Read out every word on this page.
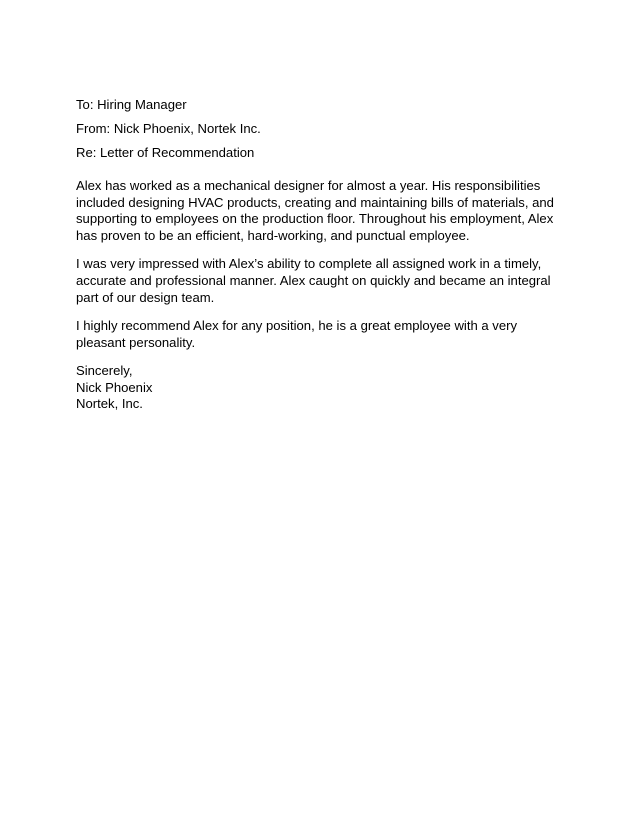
To: Hiring Manager

From: Nick Phoenix, Nortek Inc.

Re: Letter of Recommendation

Alex has worked as a mechanical designer for almost a year. His responsibilities included designing HVAC products, creating and maintaining bills of materials, and supporting to employees on the production floor. Throughout his employment, Alex has proven to be an efficient, hard-working, and punctual employee.

I was very impressed with Alex’s ability to complete all assigned work in a timely, accurate and professional manner. Alex caught on quickly and became an integral part of our design team.

I highly recommend Alex for any position, he is a great employee with a very pleasant personality.

Sincerely,

Nick Phoenix

Nortek, Inc.
